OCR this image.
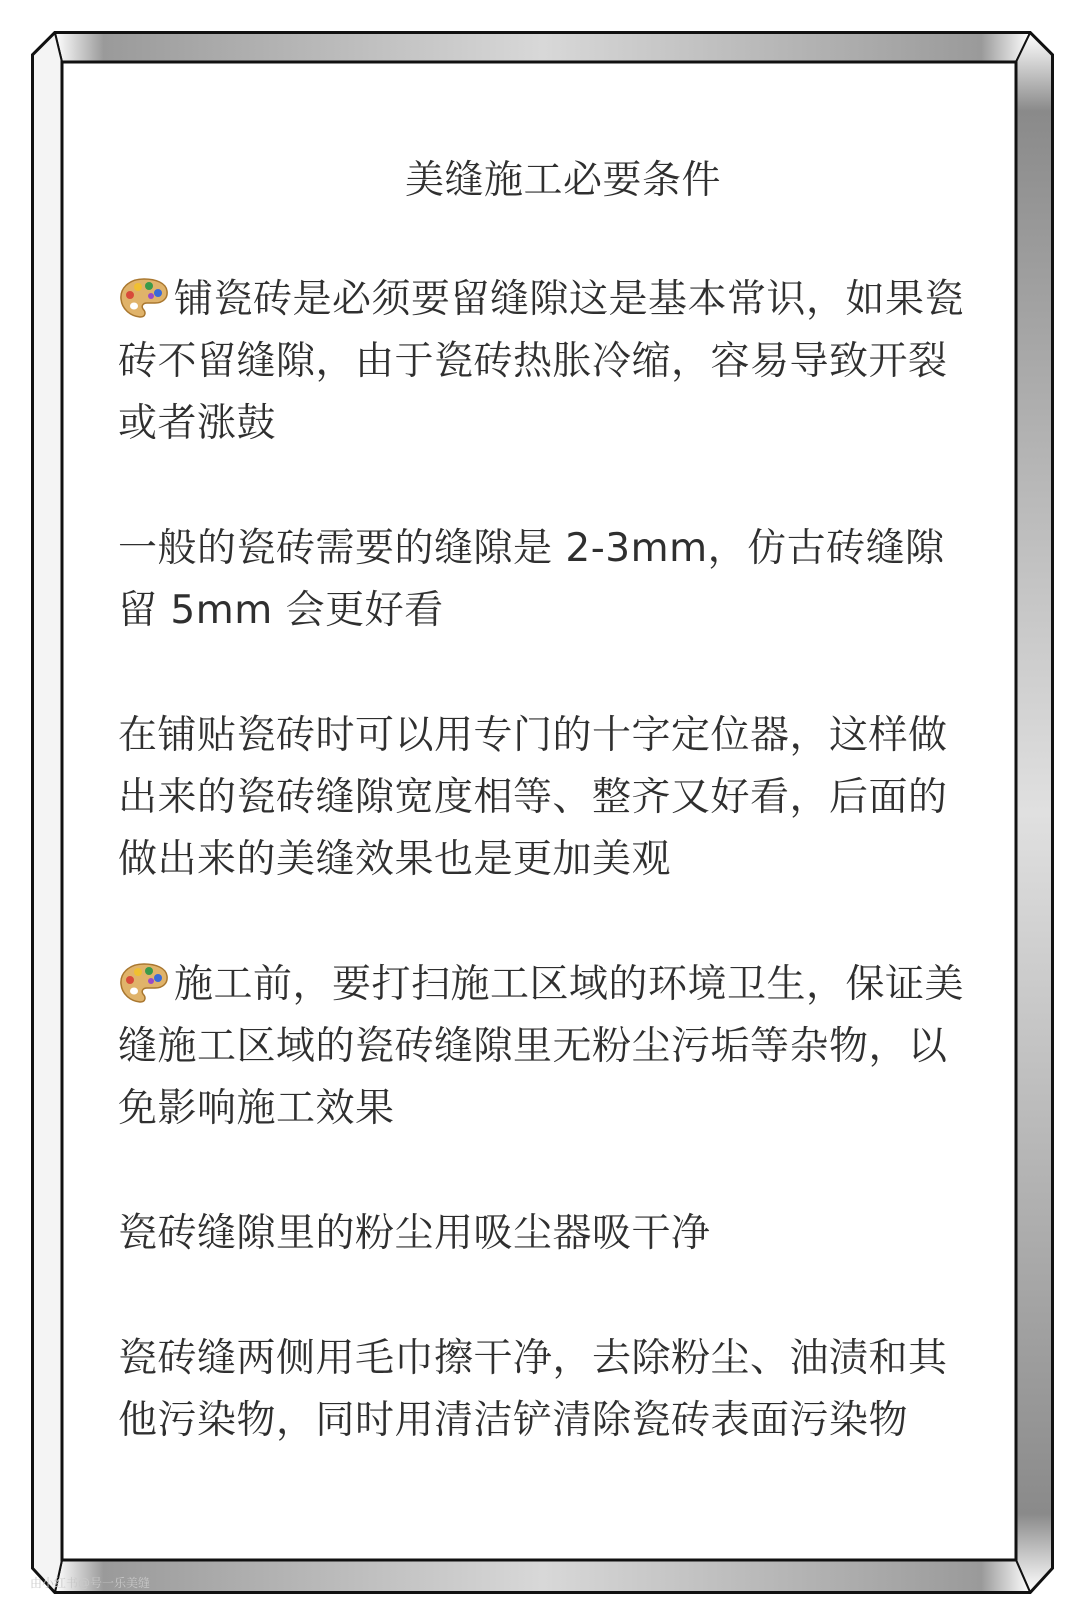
美缝施工必要条件
铺瓷砖是必须要留缝隙这是基本常识，如果瓷砖不留缝隙，由于瓷砖热胀冷缩，容易导致开裂或者涨鼓
一般的瓷砖需要的缝隙是 2-3mm，仿古砖缝隙留 5mm 会更好看
在铺贴瓷砖时可以用专门的十字定位器，这样做出来的瓷砖缝隙宽度相等、整齐又好看，后面的做出来的美缝效果也是更加美观
施工前，要打扫施工区域的环境卫生，保证美缝施工区域的瓷砖缝隙里无粉尘污垢等杂物，以免影响施工效果
瓷砖缝隙里的粉尘用吸尘器吸干净
瓷砖缝两侧用毛巾擦干净，去除粉尘、油渍和其他污染物，同时用清洁铲清除瓷砖表面污染物
由小红书@号一乐美缝
